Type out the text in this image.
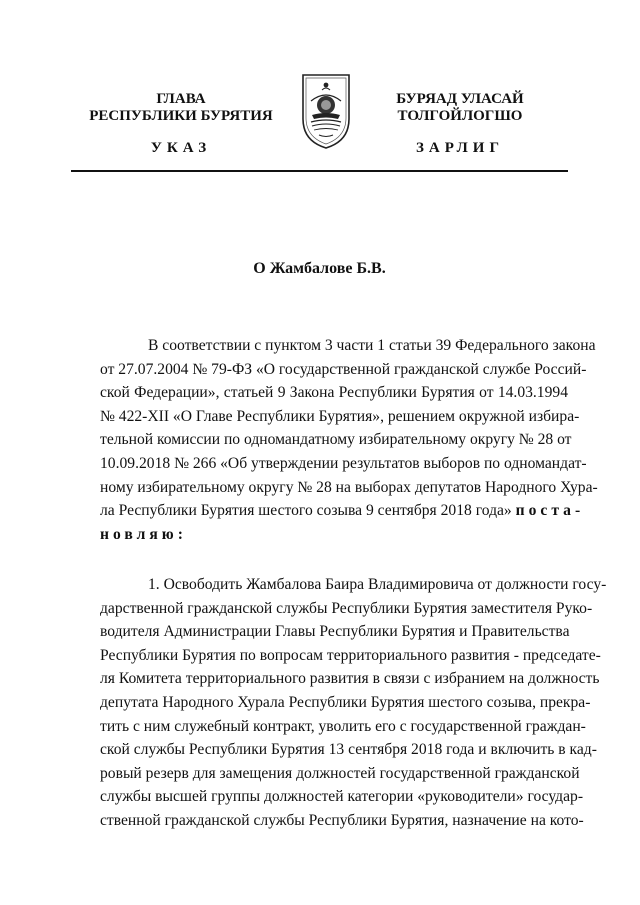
ГЛАВА
РЕСПУБЛИКИ БУРЯТИЯ
БУРЯАД УЛАСАЙ
ТОЛГОЙЛОГШО
УКАЗ	ЗАРЛИГ
О Жамбалове Б.В.
В соответствии с пунктом 3 части 1 статьи 39 Федерального закона
от 27.07.2004 № 79-ФЗ «О государственной гражданской службе Россий-
ской Федерации», статьей 9 Закона Республики Бурятия от 14.03.1994
№ 422-XII «О Главе Республики Бурятия», решением окружной избира-
тельной комиссии по одномандатному избирательному округу № 28 от
10.09.2018 № 266 «Об утверждении результатов выборов по одномандат-
ному избирательному округу № 28 на выборах депутатов Народного Хура-
ла Республики Бурятия шестого созыва 9 сентября 2018 года» поста-
новляю:
1. Освободить Жамбалова Баира Владимировича от должности госу-
дарственной гражданской службы Республики Бурятия заместителя Руко-
водителя Администрации Главы Республики Бурятия и Правительства
Республики Бурятия по вопросам территориального развития - председате-
ля Комитета территориального развития в связи с избранием на должность
депутата Народного Хурала Республики Бурятия шестого созыва, прекра-
тить с ним служебный контракт, уволить его с государственной граждан-
ской службы Республики Бурятия 13 сентября 2018 года и включить в кад-
ровый резерв для замещения должностей государственной гражданской
службы высшей группы должностей категории «руководители» государ-
ственной гражданской службы Республики Бурятия, назначение на кото-
